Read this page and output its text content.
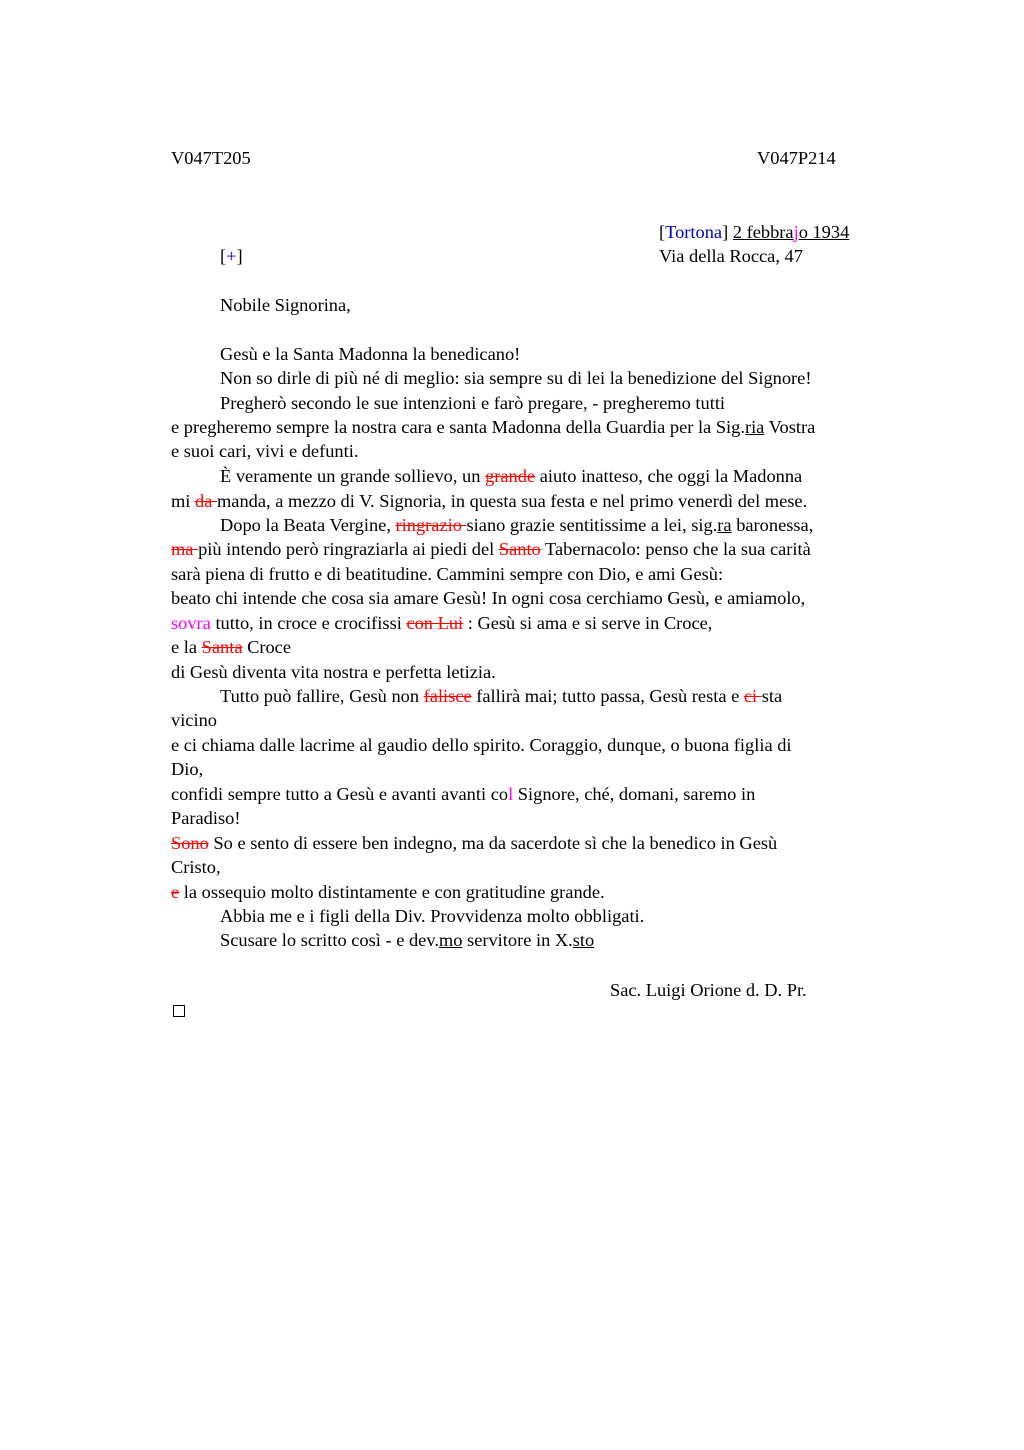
V047T205	V047P214
[Tortona] 2 febbrajo 1934
[+]	Via della Rocca, 47
Nobile Signorina,
Gesù e la Santa Madonna la benedicano!
Non so dirle di più né di meglio: sia sempre su di lei la benedizione del Signore!
Pregherò secondo le sue intenzioni e farò pregare, - pregheremo tutti
e pregheremo sempre la nostra cara e santa Madonna della Guardia per la Sig.ria Vostra
e suoi cari, vivi e defunti.
È veramente un grande sollievo, un grande aiuto inatteso, che oggi la Madonna
mi da manda, a mezzo di V. Signoria, in questa sua festa e nel primo venerdì del mese.
Dopo la Beata Vergine, ringrazio siano grazie sentitissime a lei, sig.ra baronessa,
ma più intendo però ringraziarla ai piedi del Santo Tabernacolo: penso che la sua carità
sarà piena di frutto e di beatitudine. Cammini sempre con Dio, e ami Gesù:
beato chi intende che cosa sia amare Gesù! In ogni cosa cerchiamo Gesù, e amiamolo,
sovra tutto, in croce e crocifissi con Lui : Gesù si ama e si serve in Croce,
e la Santa Croce
di Gesù diventa vita nostra e perfetta letizia.
Tutto può fallire, Gesù non falisce fallirà mai; tutto passa, Gesù resta e ci sta
vicino
e ci chiama dalle lacrime al gaudio dello spirito. Coraggio, dunque, o buona figlia di
Dio,
confidi sempre tutto a Gesù e avanti avanti col Signore, ché, domani, saremo in
Paradiso!
Sono So e sento di essere ben indegno, ma da sacerdote sì che la benedico in Gesù
Cristo,
e la ossequio molto distintamente e con gratitudine grande.
Abbia me e i figli della Div. Provvidenza molto obbligati.
Scusare lo scritto così - e dev.mo servitore in X.sto
Sac. Luigi Orione d. D. Pr.
